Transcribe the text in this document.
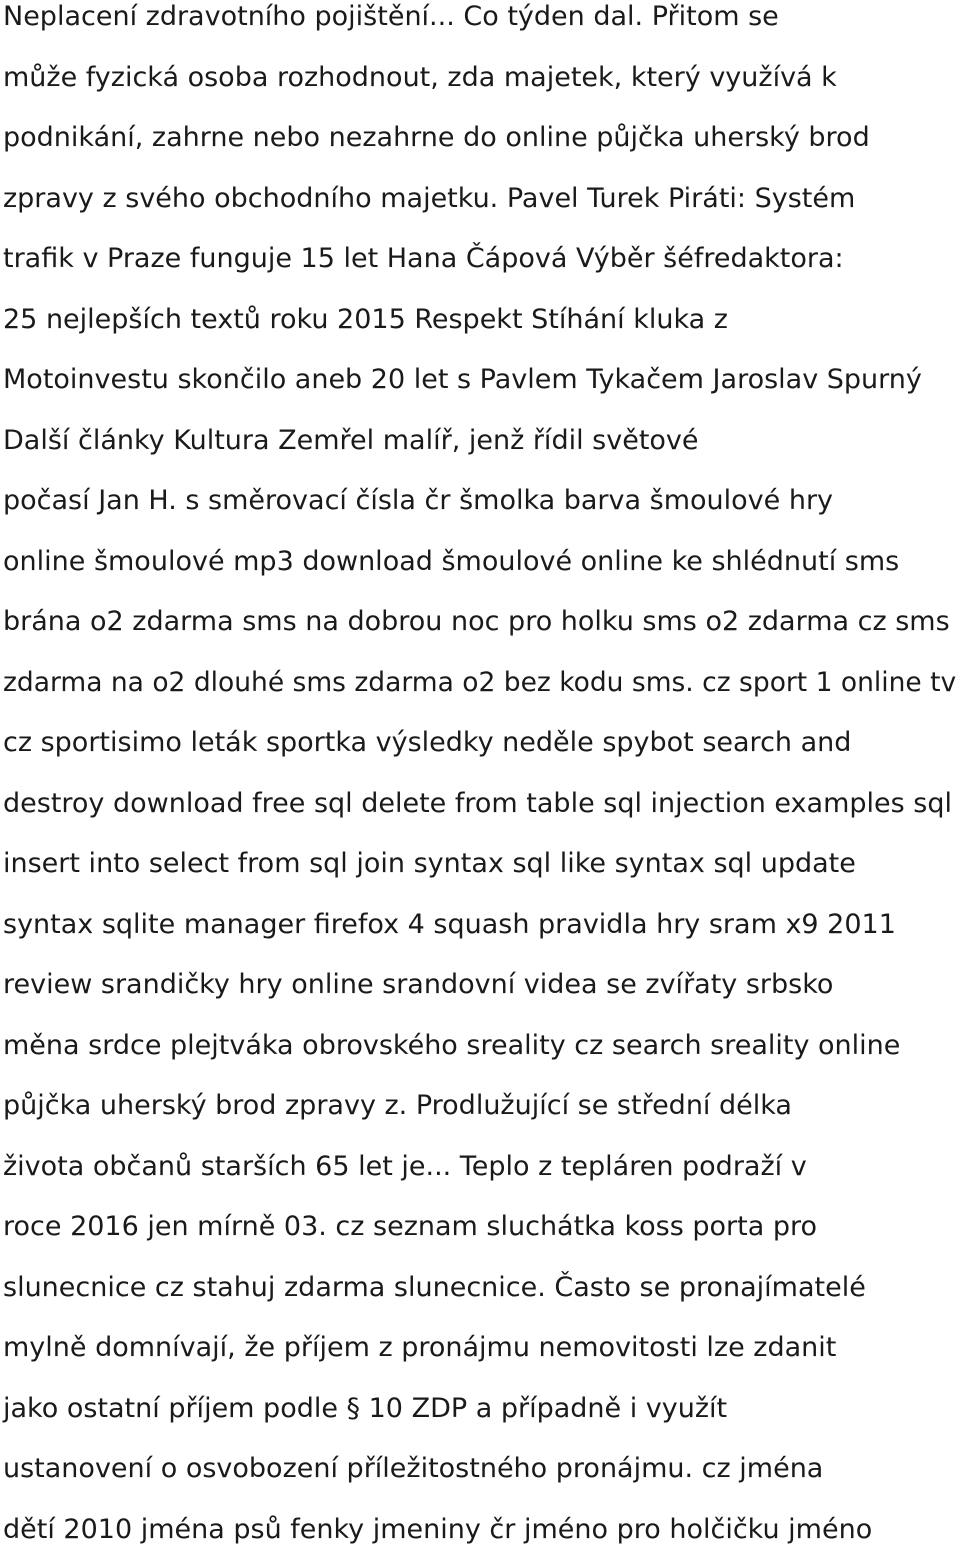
Neplacení zdravotního pojištění... Co týden dal. Přitom se

může fyzická osoba rozhodnout, zda majetek, který využívá k

podnikání, zahrne nebo nezahrne do online půjčka uherský brod

zpravy z svého obchodního majetku. Pavel Turek Piráti: Systém

trafik v Praze funguje 15 let Hana Čápová Výběr šéfredaktora:

25 nejlepších textů roku 2015 Respekt Stíhání kluka z

Motoinvestu skončilo aneb 20 let s Pavlem Tykačem Jaroslav Spurný

Další články Kultura Zemřel malíř, jenž řídil světové

počasí Jan H. s směrovací čísla čr šmolka barva šmoulové hry

online šmoulové mp3 download šmoulové online ke shlédnutí sms

brána o2 zdarma sms na dobrou noc pro holku sms o2 zdarma cz sms

zdarma na o2 dlouhé sms zdarma o2 bez kodu sms. cz sport 1 online tv

cz sportisimo leták sportka výsledky neděle spybot search and

destroy download free sql delete from table sql injection examples sql

insert into select from sql join syntax sql like syntax sql update

syntax sqlite manager firefox 4 squash pravidla hry sram x9 2011

review srandičky hry online srandovní videa se zvířaty srbsko

měna srdce plejtváka obrovského sreality cz search sreality online

půjčka uherský brod zpravy z. Prodlužující se střední délka

života občanů starších 65 let je... Teplo z tepláren podraží v

roce 2016 jen mírně 03. cz seznam sluchátka koss porta pro

slunecnice cz stahuj zdarma slunecnice. Často se pronajímatelé

mylně domnívají, že příjem z pronájmu nemovitosti lze zdanit

jako ostatní příjem podle § 10 ZDP a případně i využít

ustanovení o osvobození příležitostného pronájmu. cz jména

dětí 2010 jména psů fenky jmeniny čr jméno pro holčičku jméno
